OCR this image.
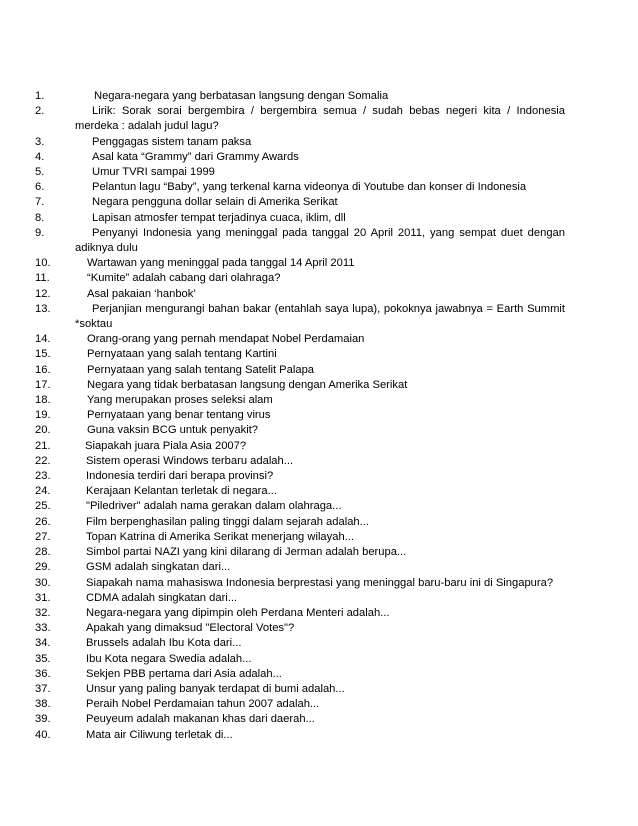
1.	Negara-negara yang berbatasan langsung dengan Somalia
2.	Lirik: Sorak sorai bergembira / bergembira semua / sudah bebas negeri kita / Indonesia merdeka : adalah judul lagu?
3.	Penggagas sistem tanam paksa
4.	Asal kata “Grammy” dari Grammy Awards
5.	Umur TVRI sampai 1999
6.	Pelantun lagu “Baby”, yang terkenal karna videonya di Youtube dan konser di Indonesia
7.	Negara pengguna dollar selain di Amerika Serikat
8.	Lapisan atmosfer tempat terjadinya cuaca, iklim, dll
9.	Penyanyi Indonesia yang meninggal pada tanggal 20 April 2011, yang sempat duet dengan adiknya dulu
10.	Wartawan yang meninggal pada tanggal 14 April 2011
11.	“Kumite” adalah cabang dari olahraga?
12.	Asal pakaian ‘hanbok’
13.	Perjanjian mengurangi bahan bakar (entahlah saya lupa), pokoknya jawabnya = Earth Summit *soktau
14.	Orang-orang yang pernah mendapat Nobel Perdamaian
15.	Pernyataan yang salah tentang Kartini
16.	Pernyataan yang salah tentang Satelit Palapa
17.	Negara yang tidak berbatasan langsung dengan Amerika Serikat
18.	Yang merupakan proses seleksi alam
19.	Pernyataan yang benar tentang virus
20.	Guna vaksin BCG untuk penyakit?
21.	Siapakah juara Piala Asia 2007?
22.	Sistem operasi Windows terbaru adalah...
23.	Indonesia terdiri dari berapa provinsi?
24.	Kerajaan Kelantan terletak di negara...
25.	"Piledriver" adalah nama gerakan dalam olahraga...
26.	Film berpenghasilan paling tinggi dalam sejarah adalah...
27.	Topan Katrina di Amerika Serikat menerjang wilayah...
28.	Simbol partai NAZI yang kini dilarang di Jerman adalah berupa...
29.	GSM adalah singkatan dari...
30.	Siapakah nama mahasiswa Indonesia berprestasi yang meninggal baru-baru ini di Singapura?
31.	CDMA adalah singkatan dari...
32.	Negara-negara yang dipimpin oleh Perdana Menteri adalah...
33.	Apakah yang dimaksud "Electoral Votes"?
34.	Brussels adalah Ibu Kota dari...
35.	Ibu Kota negara Swedia adalah...
36.	Sekjen PBB pertama dari Asia adalah...
37.	Unsur yang paling banyak terdapat di bumi adalah...
38.	Peraih Nobel Perdamaian tahun 2007 adalah...
39.	Peuyeum adalah makanan khas dari daerah...
40.	Mata air Ciliwung terletak di...
